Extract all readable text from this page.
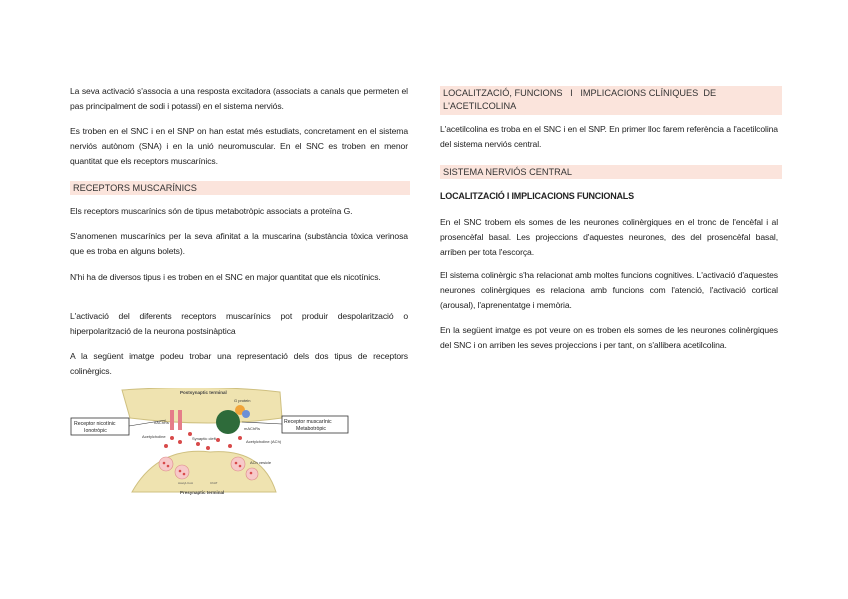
La seva activació s'associa a una resposta excitadora (associats a canals que permeten el pas principalment de sodi i potassi) en el sistema nerviós.

Es troben en el SNC i en el SNP on han estat més estudiats, concretament en el sistema nerviós autònom (SNA) i en la unió neuromuscular. En el SNC es troben en menor quantitat que els receptors muscarínics.

RECEPTORS MUSCARÍNICS

Els receptors muscarínics són de tipus metabotròpic associats a proteïna G.

S'anomenen muscarínics per la seva afinitat a la muscarina (substància tòxica verinosa que es troba en alguns bolets).

N'hi ha de diversos tipus i es troben en el SNC en major quantitat que els nicotínics.

L'activació del diferents receptors muscarínics pot produir despolarització o hiperpolarització de la neurona postsinàptica

A la següent imatge podeu trobar una representació dels dos tipus de receptors colinèrgics.

Postsynaptic terminal
Presynaptic terminal
nAChRs
G protein
mAChRs
Acetylcholine	Synaptic cleft
Acetylcholine (ACh)
ACh vesicle
Acetyl-CoA	ChAT
Receptor nicotínic
Ionotròpic
Receptor muscarínic
Metabotròpic
LOCALITZACIÓ, FUNCIONS   I   IMPLICACIONS CLÍNIQUES  DE
L'ACETILCOLINA

L'acetilcolina es troba en el SNC i en el SNP. En primer lloc farem referència a l'acetilcolina del sistema nerviós central.

SISTEMA NERVIÓS CENTRAL
LOCALITZACIÓ I IMPLICACIONS FUNCIONALS

En el SNC trobem els somes de les neurones colinèrgiques en el tronc de l'encèfal i al prosencèfal basal. Les projeccions d'aquestes neurones, des del prosencèfal basal, arriben per tota l'escorça.

El sistema colinèrgic s'ha relacionat amb moltes funcions cognitives. L'activació d'aquestes neurones colinèrgiques es relaciona amb funcions com l'atenció, l'activació cortical (arousal), l'aprenentatge i memòria.

En la següent imatge es pot veure on es troben els somes de les neurones colinèrgiques del SNC i on arriben les seves projeccions i per tant, on s'allibera acetilcolina.
